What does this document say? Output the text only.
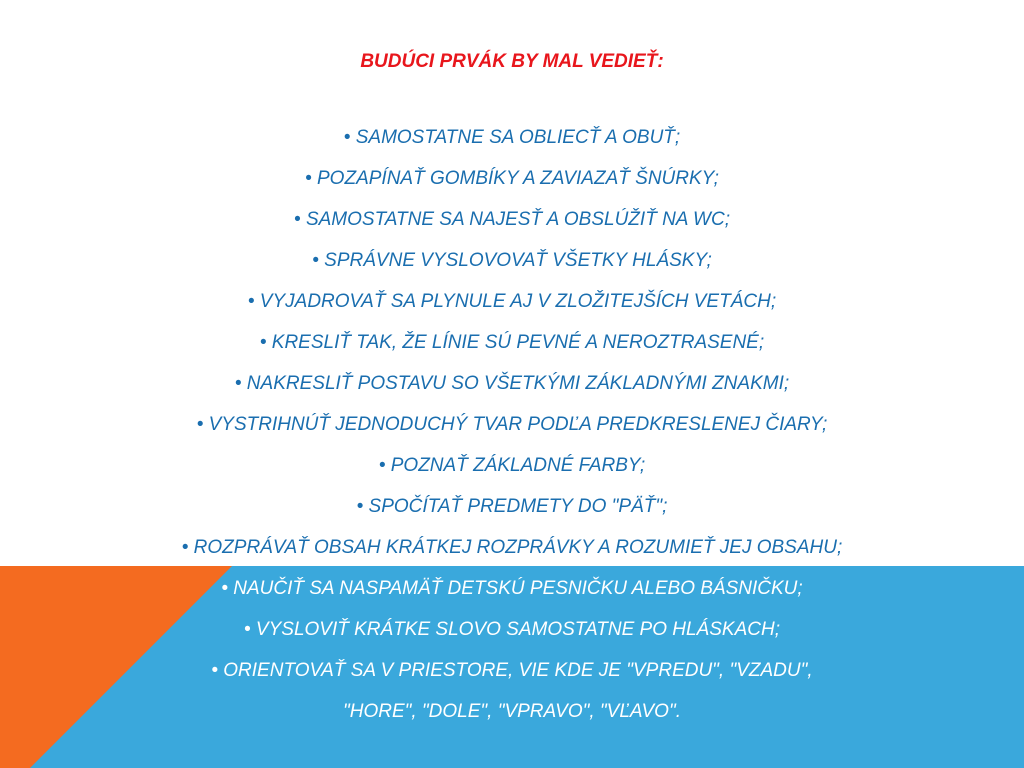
BUDÚCI PRVÁK BY MAL VEDIEŤ:
• SAMOSTATNE SA OBLIECŤ A OBUŤ;
• POZAPÍNAŤ GOMBÍKY A ZAVIAZAŤ ŠNÚRKY;
• SAMOSTATNE SA NAJESŤ A OBSLÚŽIŤ NA WC;
• SPRÁVNE VYSLOVOVAŤ VŠETKY HLÁSKY;
• VYJADROVAŤ SA PLYNULE AJ V ZLOŽITEJŠÍCH VETÁCH;
• KRESLIŤ TAK, ŽE LÍNIE SÚ PEVNÉ A NEROZTRASENÉ;
• NAKRESLIŤ POSTAVU SO VŠETKÝMI ZÁKLADNÝMI ZNAKMI;
• VYSTRIHNÚŤ JEDNODUCHÝ TVAR PODĽA PREDKRESLENEJ ČIARY;
• POZNAŤ ZÁKLADNÉ FARBY;
• SPOČÍTAŤ PREDMETY DO "PÄŤ";
• ROZPRÁVAŤ OBSAH KRÁTKEJ ROZPRÁVKY A ROZUMIEŤ JEJ OBSAHU;
• NAUČIŤ SA NASPAMÄŤ DETSKÚ PESNIČKU ALEBO BÁSNIČKU;
• VYSLOVIŤ KRÁTKE SLOVO SAMOSTATNE PO HLÁSKACH;
• ORIENTOVAŤ SA V PRIESTORE, VIE KDE JE "VPREDU", "VZADU",
"HORE", "DOLE", "VPRAVO", "VĽAVO".
